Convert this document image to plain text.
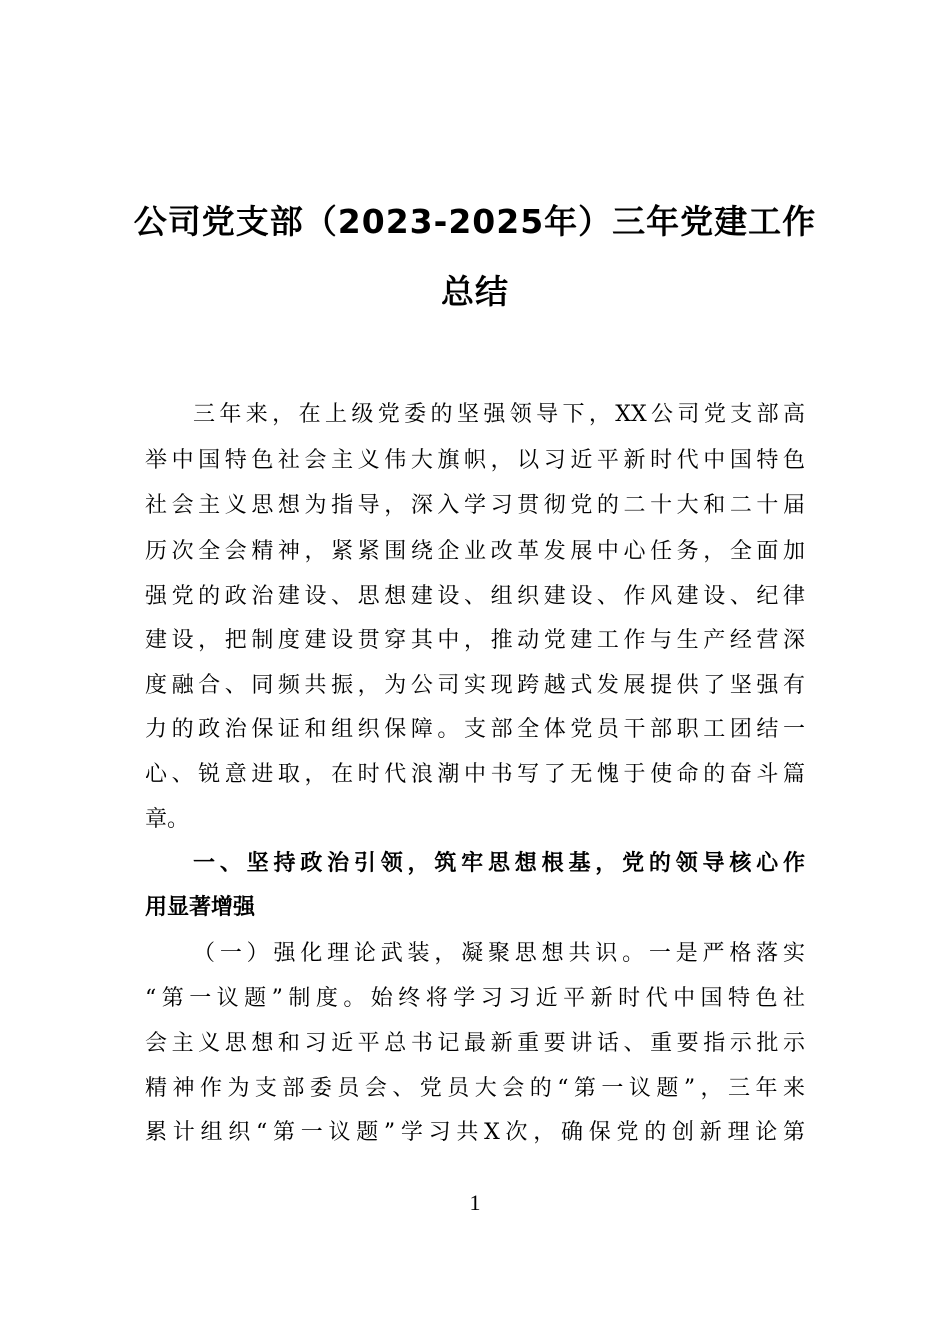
公司党支部（2023-2025年）三年党建工作
总结
三年来，在上级党委的坚强领导下，XX公司党支部高
举中国特色社会主义伟大旗帜，以习近平新时代中国特色
社会主义思想为指导，深入学习贯彻党的二十大和二十届
历次全会精神，紧紧围绕企业改革发展中心任务，全面加
强党的政治建设、思想建设、组织建设、作风建设、纪律
建设，把制度建设贯穿其中，推动党建工作与生产经营深
度融合、同频共振，为公司实现跨越式发展提供了坚强有
力的政治保证和组织保障。支部全体党员干部职工团结一
心、锐意进取，在时代浪潮中书写了无愧于使命的奋斗篇
章。
一、坚持政治引领，筑牢思想根基，党的领导核心作
用显著增强
（一）强化理论武装，凝聚思想共识。一是严格落实
“第一议题”制度。始终将学习习近平新时代中国特色社
会主义思想和习近平总书记最新重要讲话、重要指示批示
精神作为支部委员会、党员大会的“第一议题”，三年来
累计组织“第一议题”学习共X次，确保党的创新理论第
1
